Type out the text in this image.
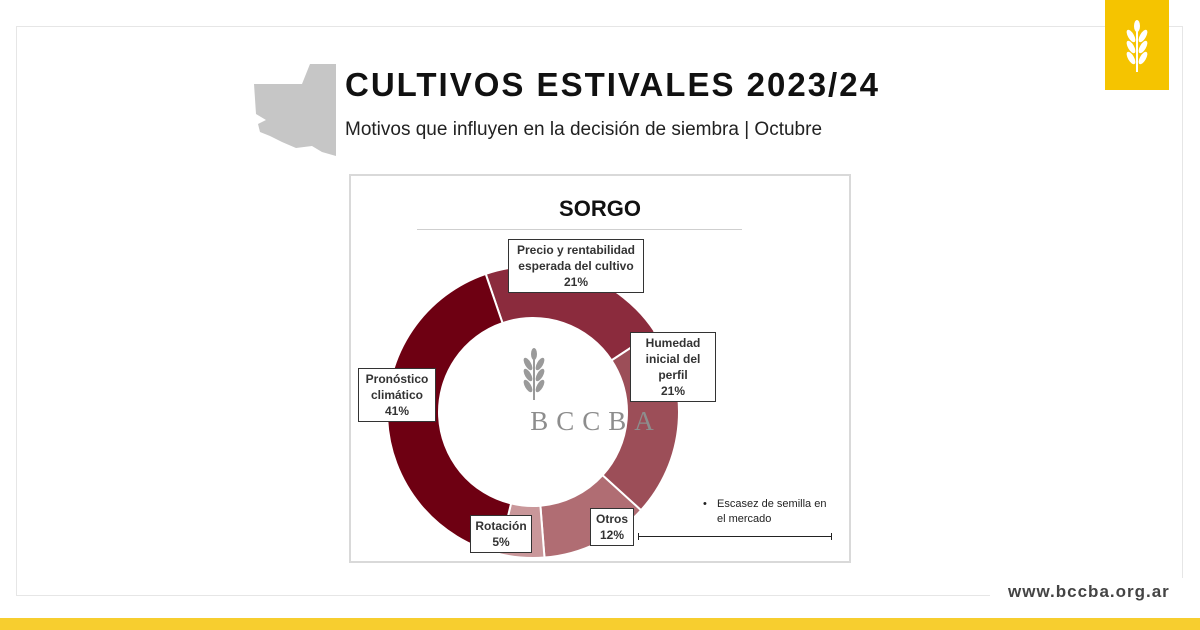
CULTIVOS ESTIVALES 2023/24
Motivos que influyen en la decisión de siembra | Octubre
SORGO
BCCBA
Precio y rentabilidad esperada del cultivo
21%
Humedad inicial del perfil
21%
Otros
12%
Rotación
5%
Pronóstico climático
41%
• Escasez de semilla en el mercado
www.bccba.org.ar
